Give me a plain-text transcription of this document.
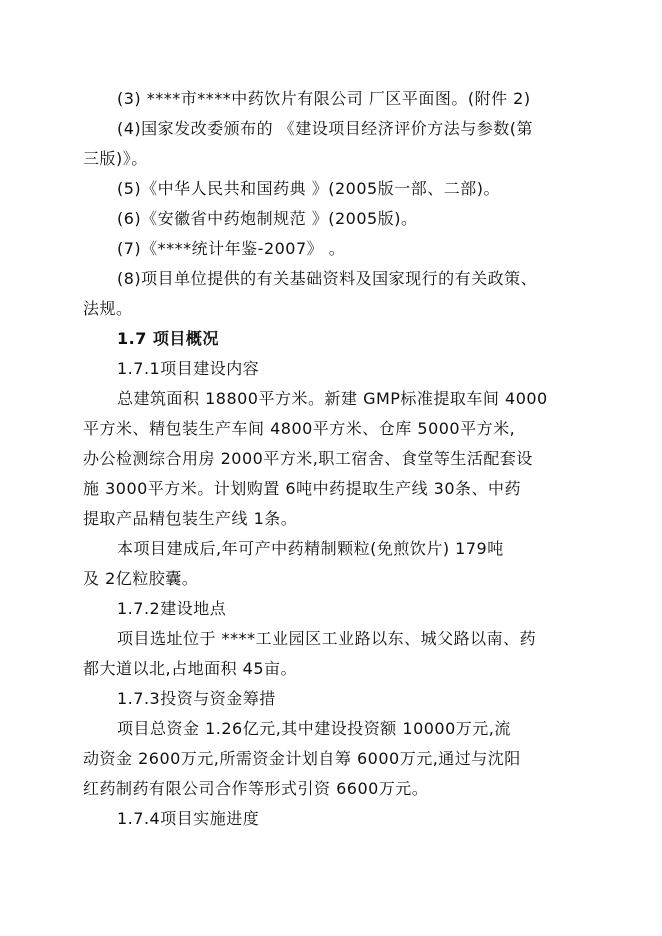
(3) ****市****中药饮片有限公司 厂区平面图。(附件 2)
(4)国家发改委颁布的 《建设项目经济评价方法与参数(第
三版)》。
(5)《中华人民共和国药典 》(2005版一部、二部)。
(6)《安徽省中药炮制规范 》(2005版)。
(7)《****统计年鉴-2007》 。
(8)项目单位提供的有关基础资料及国家现行的有关政策、
法规。
1.7 项目概况
1.7.1项目建设内容
总建筑面积 18800平方米。新建 GMP标准提取车间 4000
平方米、精包装生产车间 4800平方米、仓库 5000平方米,
办公检测综合用房 2000平方米,职工宿舍、食堂等生活配套设
施 3000平方米。计划购置 6吨中药提取生产线 30条、中药
提取产品精包装生产线 1条。
本项目建成后,年可产中药精制颗粒(免煎饮片) 179吨
及 2亿粒胶囊。
1.7.2建设地点
项目选址位于 ****工业园区工业路以东、城父路以南、药
都大道以北,占地面积 45亩。
1.7.3投资与资金筹措
项目总资金 1.26亿元,其中建设投资额 10000万元,流
动资金 2600万元,所需资金计划自筹 6000万元,通过与沈阳
红药制药有限公司合作等形式引资 6600万元。
1.7.4项目实施进度
